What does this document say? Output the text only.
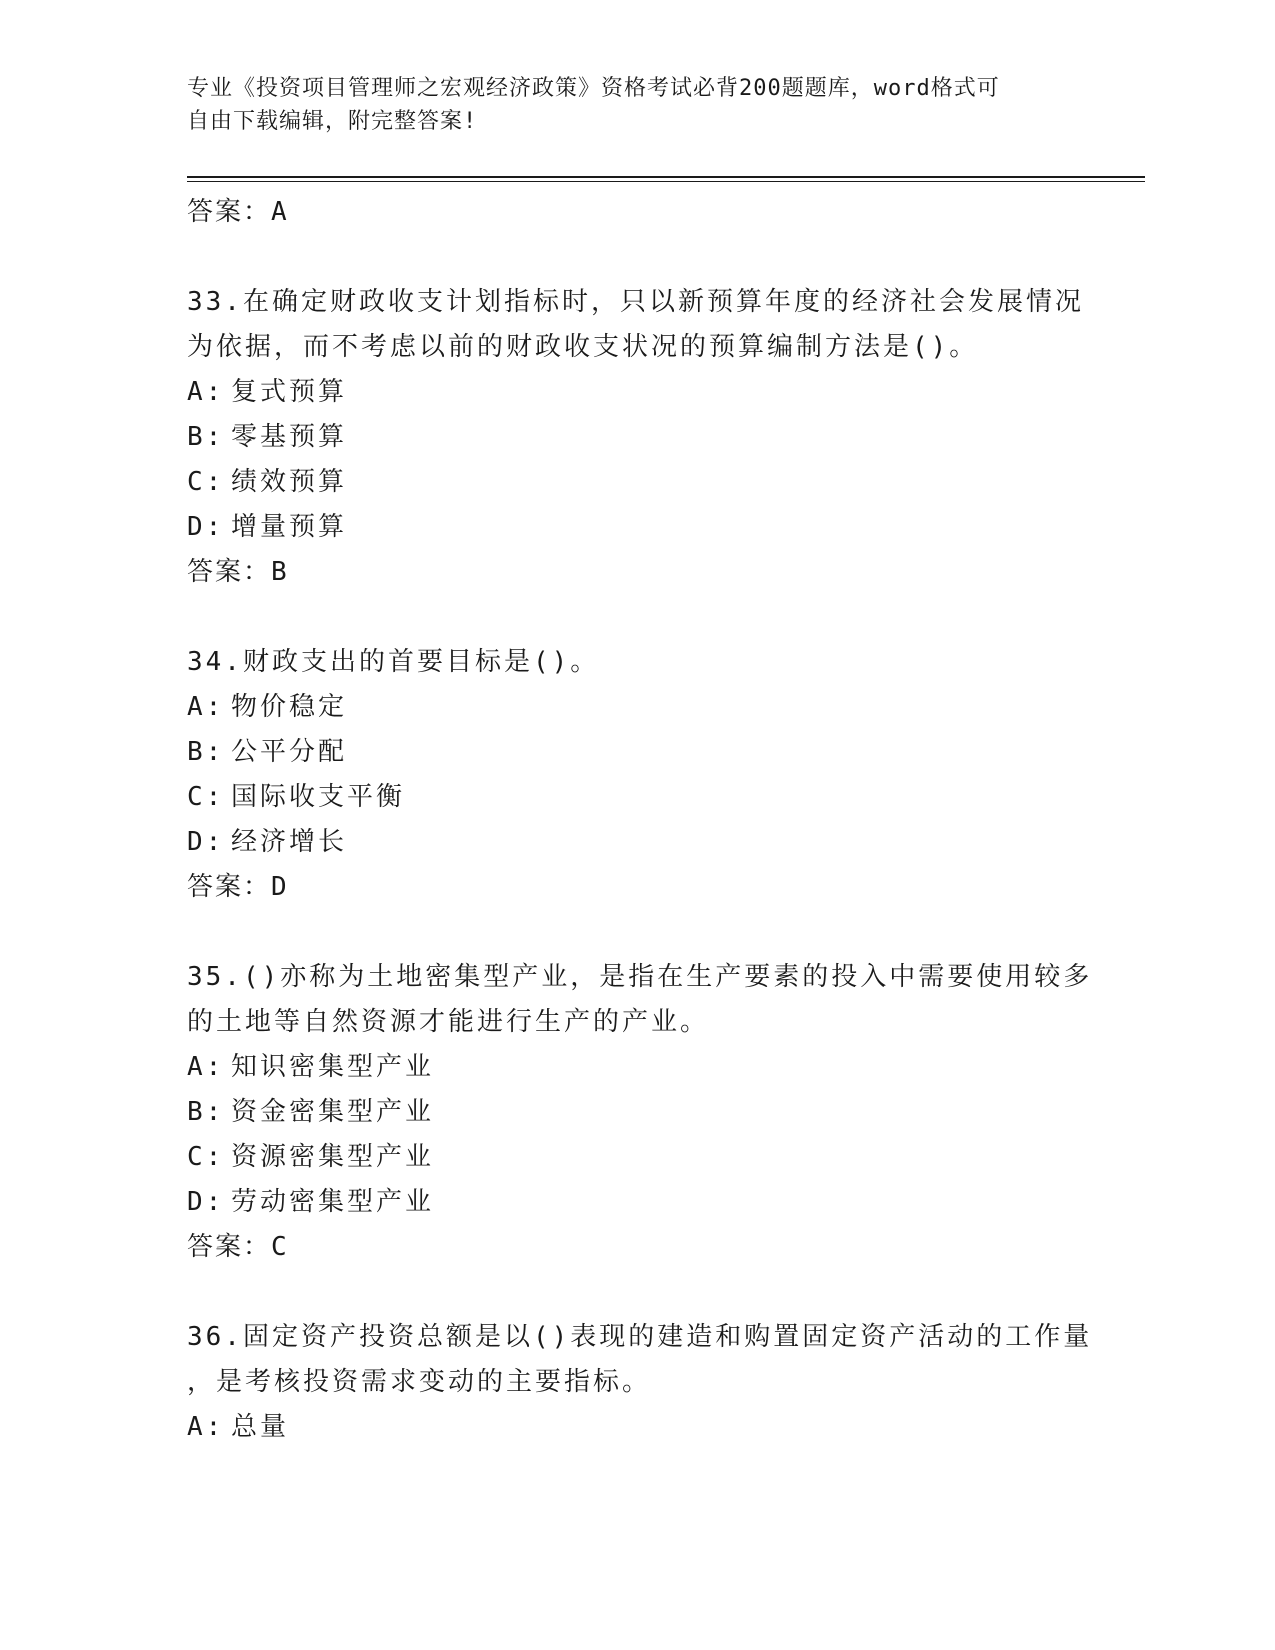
专业《投资项目管理师之宏观经济政策》资格考试必背200题题库，word格式可
自由下载编辑，附完整答案!
答案：A
33.在确定财政收支计划指标时，只以新预算年度的经济社会发展情况
为依据，而不考虑以前的财政收支状况的预算编制方法是()。
A: 复式预算
B: 零基预算
C: 绩效预算
D: 增量预算
答案：B
34.财政支出的首要目标是()。
A: 物价稳定
B: 公平分配
C: 国际收支平衡
D: 经济增长
答案：D
35.()亦称为土地密集型产业，是指在生产要素的投入中需要使用较多
的土地等自然资源才能进行生产的产业。
A: 知识密集型产业
B: 资金密集型产业
C: 资源密集型产业
D: 劳动密集型产业
答案：C
36.固定资产投资总额是以()表现的建造和购置固定资产活动的工作量
，是考核投资需求变动的主要指标。
A: 总量
